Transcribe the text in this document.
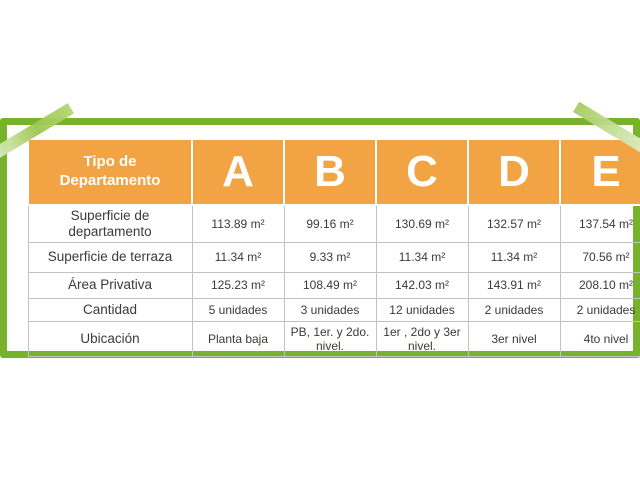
Tipo de Departamento	A	B	C	D	E
Superficie de departamento	113.89 m²	99.16 m²	130.69 m²	132.57 m²	137.54 m²
Superficie de terraza	11.34 m²	9.33 m²	11.34 m²	11.34 m²	70.56 m²
Área Privativa	125.23 m²	108.49 m²	142.03 m²	143.91 m²	208.10 m²
Cantidad	5 unidades	3 unidades	12 unidades	2 unidades	2 unidades
Ubicación	Planta baja	PB, 1er. y 2do. nivel.	1er , 2do y 3er nivel.	3er nivel	4to nivel
